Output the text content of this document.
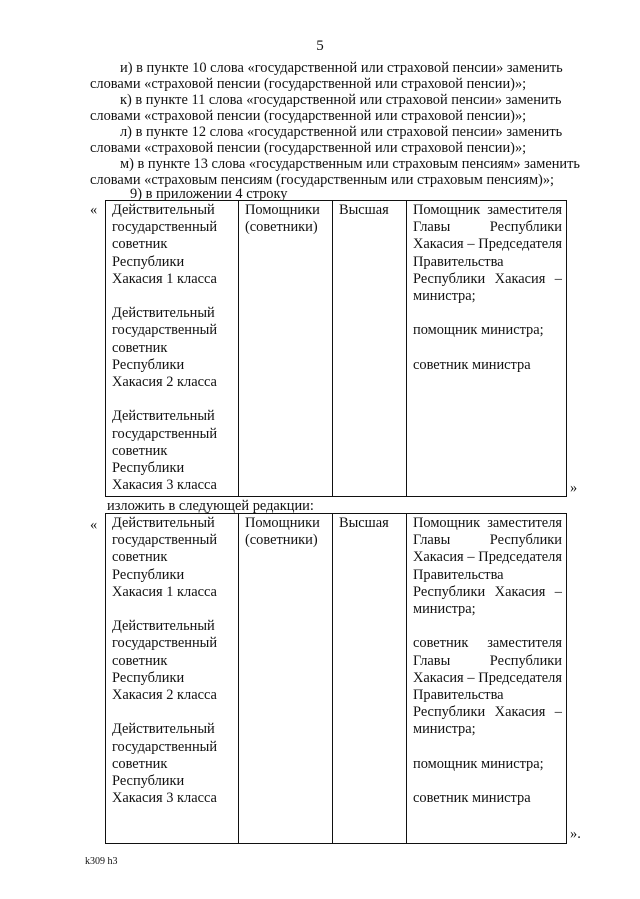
5
и) в пункте 10 слова «государственной или страховой пенсии» заменить
словами «страховой пенсии (государственной или страховой пенсии)»;
к) в пункте 11 слова «государственной или страховой пенсии» заменить
словами «страховой пенсии (государственной или страховой пенсии)»;
л) в пункте 12 слова «государственной или страховой пенсии» заменить
словами «страховой пенсии (государственной или страховой пенсии)»;
м) в пункте 13 слова «государственным или страховым пенсиям» заменить
словами «страховым пенсиям (государственным или страховым пенсиям)»;
9) в приложении 4 строку
« Действительный государственный советник Республики Хакасия 1 класса
Действительный государственный советник Республики Хакасия 2 класса
Действительный государственный советник Республики Хакасия 3 класса
Помощники (советники)
Высшая	Помощник заместителя Главы Республики Хакасия – Председателя Правительства Республики Хакасия – министра;
помощник министра;
советник министра
»
изложить в следующей редакции:
« Действительный государственный советник Республики Хакасия 1 класса
Действительный государственный советник Республики Хакасия 2 класса
Действительный государственный советник Республики Хакасия 3 класса
Помощники (советники)
Высшая	Помощник заместителя Главы Республики Хакасия – Председателя Правительства Республики Хакасия – министра;
советник заместителя Главы Республики Хакасия – Председателя Правительства Республики Хакасия – министра;
помощник министра;
советник министра
».
k309 h3
